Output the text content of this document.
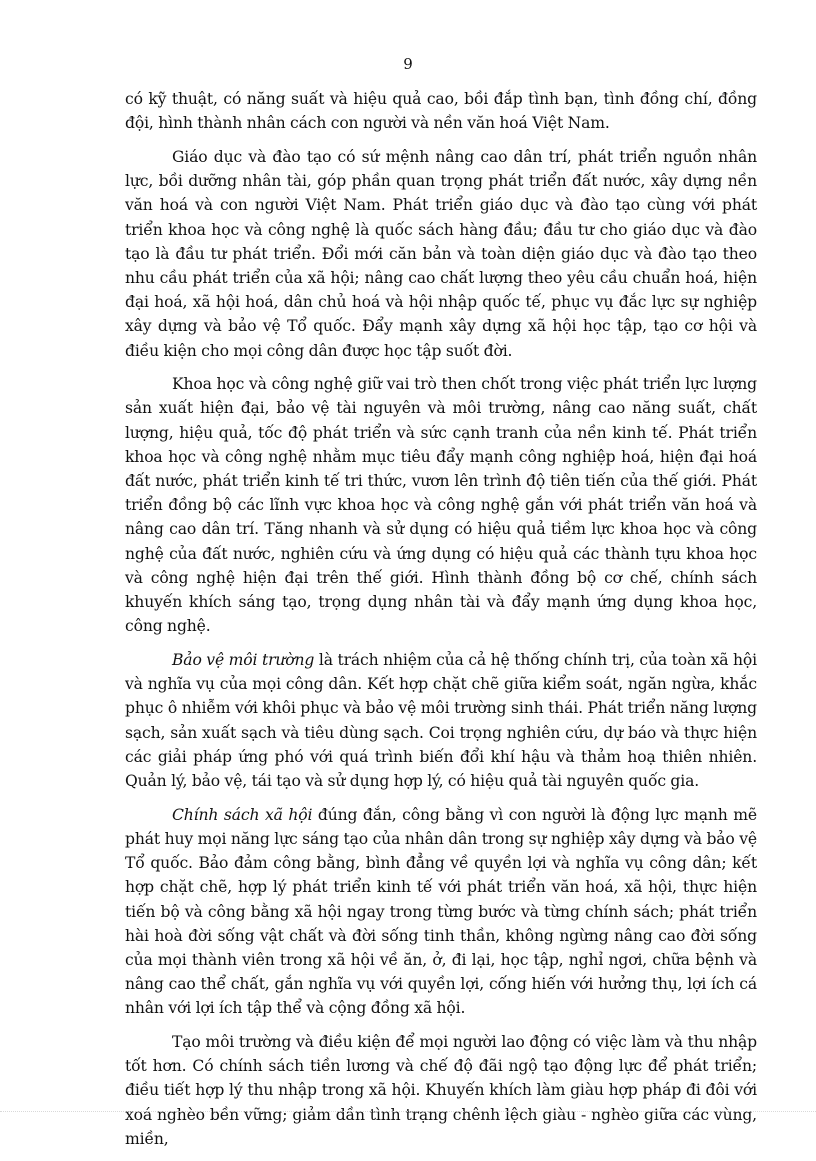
9

có kỹ thuật, có năng suất và hiệu quả cao, bồi đắp tình bạn, tình đồng chí, đồng đội, hình thành nhân cách con người và nền văn hoá Việt Nam.

Giáo dục và đào tạo có sứ mệnh nâng cao dân trí, phát triển nguồn nhân lực, bồi dưỡng nhân tài, góp phần quan trọng phát triển đất nước, xây dựng nền văn hoá và con người Việt Nam. Phát triển giáo dục và đào tạo cùng với phát triển khoa học và công nghệ là quốc sách hàng đầu; đầu tư cho giáo dục và đào tạo là đầu tư phát triển. Đổi mới căn bản và toàn diện giáo dục và đào tạo theo nhu cầu phát triển của xã hội; nâng cao chất lượng theo yêu cầu chuẩn hoá, hiện đại hoá, xã hội hoá, dân chủ hoá và hội nhập quốc tế, phục vụ đắc lực sự nghiệp xây dựng và bảo vệ Tổ quốc. Đẩy mạnh xây dựng xã hội học tập, tạo cơ hội và điều kiện cho mọi công dân được học tập suốt đời.

Khoa học và công nghệ giữ vai trò then chốt trong việc phát triển lực lượng sản xuất hiện đại, bảo vệ tài nguyên và môi trường, nâng cao năng suất, chất lượng, hiệu quả, tốc độ phát triển và sức cạnh tranh của nền kinh tế. Phát triển khoa học và công nghệ nhằm mục tiêu đẩy mạnh công nghiệp hoá, hiện đại hoá đất nước, phát triển kinh tế tri thức, vươn lên trình độ tiên tiến của thế giới. Phát triển đồng bộ các lĩnh vực khoa học và công nghệ gắn với phát triển văn hoá và nâng cao dân trí. Tăng nhanh và sử dụng có hiệu quả tiềm lực khoa học và công nghệ của đất nước, nghiên cứu và ứng dụng có hiệu quả các thành tựu khoa học và công nghệ hiện đại trên thế giới. Hình thành đồng bộ cơ chế, chính sách khuyến khích sáng tạo, trọng dụng nhân tài và đẩy mạnh ứng dụng khoa học, công nghệ.

Bảo vệ môi trường là trách nhiệm của cả hệ thống chính trị, của toàn xã hội và nghĩa vụ của mọi công dân. Kết hợp chặt chẽ giữa kiểm soát, ngăn ngừa, khắc phục ô nhiễm với khôi phục và bảo vệ môi trường sinh thái. Phát triển năng lượng sạch, sản xuất sạch và tiêu dùng sạch. Coi trọng nghiên cứu, dự báo và thực hiện các giải pháp ứng phó với quá trình biến đổi khí hậu và thảm hoạ thiên nhiên. Quản lý, bảo vệ, tái tạo và sử dụng hợp lý, có hiệu quả tài nguyên quốc gia.

Chính sách xã hội đúng đắn, công bằng vì con người là động lực mạnh mẽ phát huy mọi năng lực sáng tạo của nhân dân trong sự nghiệp xây dựng và bảo vệ Tổ quốc. Bảo đảm công bằng, bình đẳng về quyền lợi và nghĩa vụ công dân; kết hợp chặt chẽ, hợp lý phát triển kinh tế với phát triển văn hoá, xã hội, thực hiện tiến bộ và công bằng xã hội ngay trong từng bước và từng chính sách; phát triển hài hoà đời sống vật chất và đời sống tinh thần, không ngừng nâng cao đời sống của mọi thành viên trong xã hội về ăn, ở, đi lại, học tập, nghỉ ngơi, chữa bệnh và nâng cao thể chất, gắn nghĩa vụ với quyền lợi, cống hiến với hưởng thụ, lợi ích cá nhân với lợi ích tập thể và cộng đồng xã hội.

Tạo môi trường và điều kiện để mọi người lao động có việc làm và thu nhập tốt hơn. Có chính sách tiền lương và chế độ đãi ngộ tạo động lực để phát triển; điều tiết hợp lý thu nhập trong xã hội. Khuyến khích làm giàu hợp pháp đi đôi với xoá nghèo bền vững; giảm dần tình trạng chênh lệch giàu - nghèo giữa các vùng, miền,
